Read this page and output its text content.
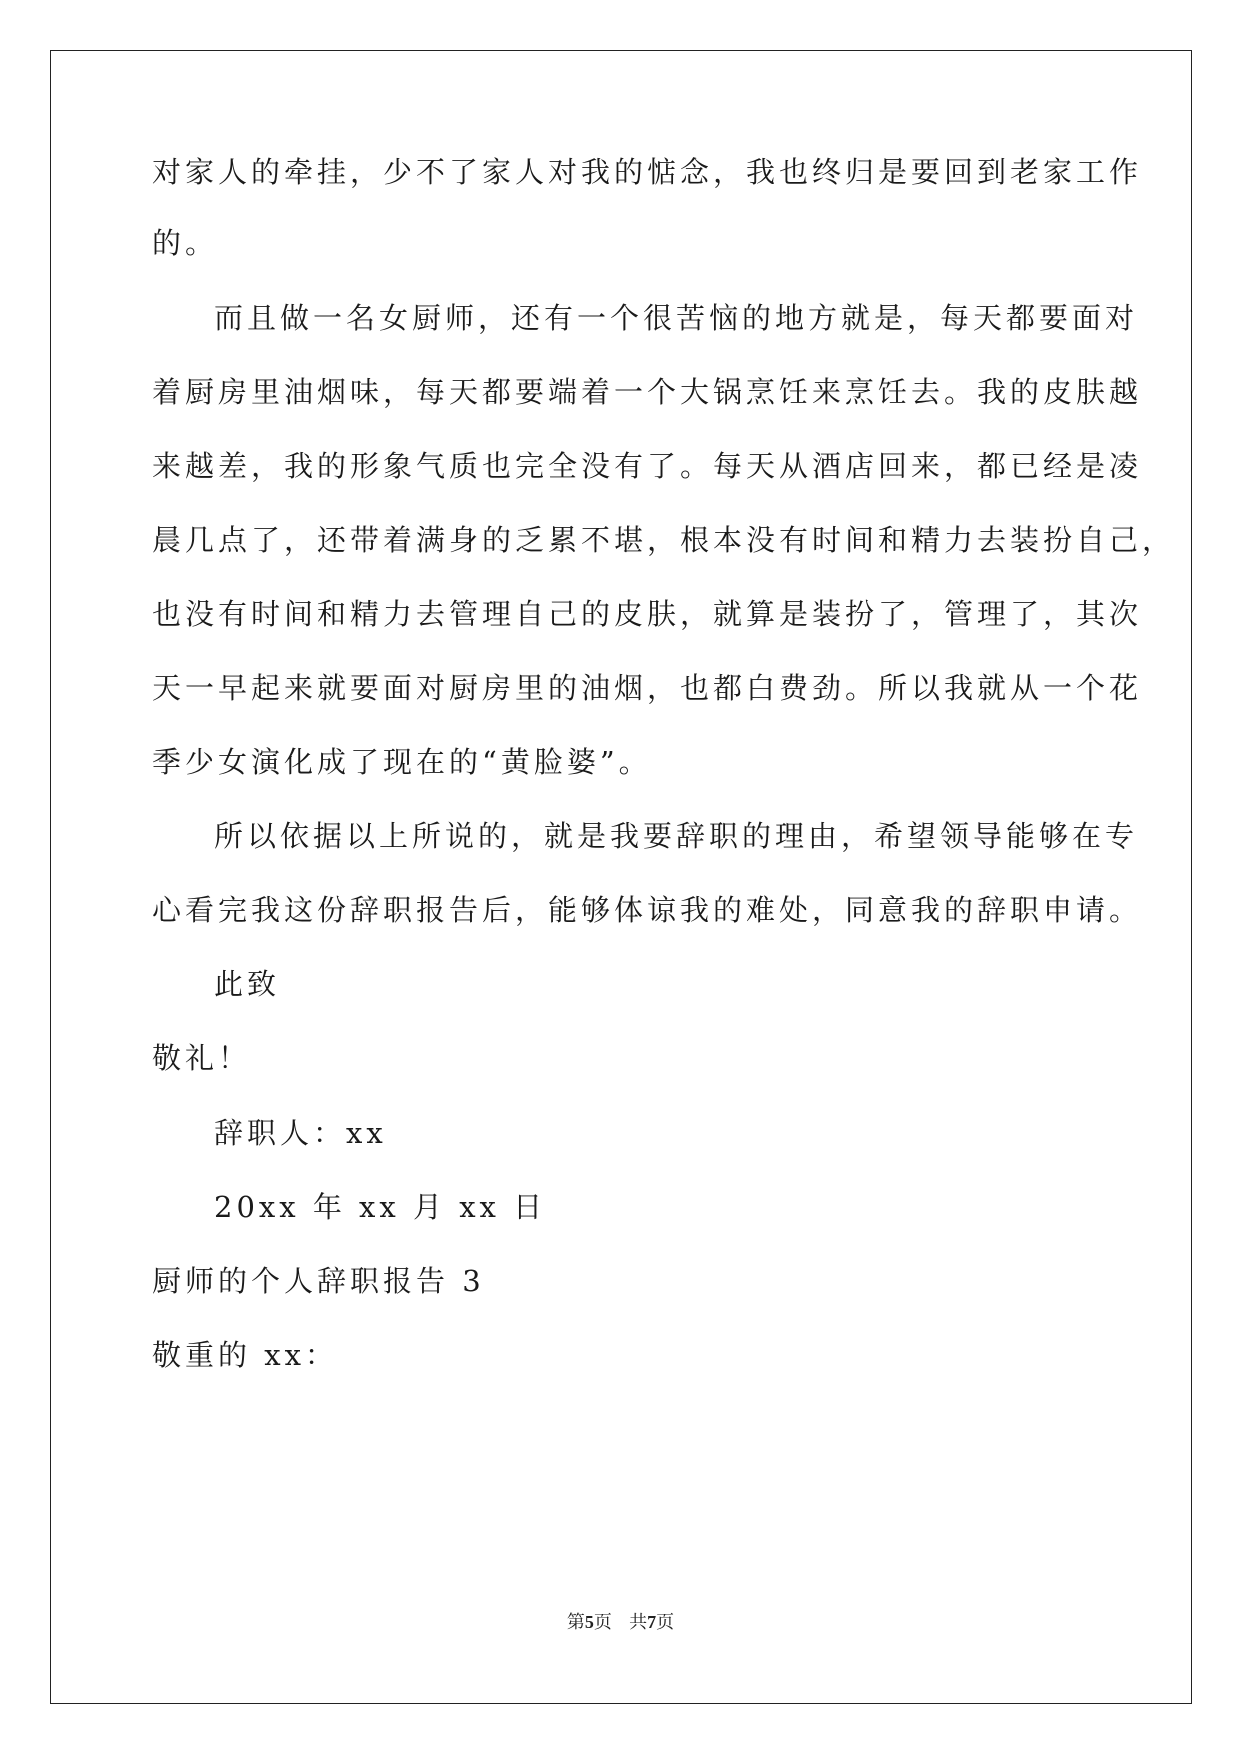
对家人的牵挂，少不了家人对我的惦念，我也终归是要回到老家工作
的。
而且做一名女厨师，还有一个很苦恼的地方就是，每天都要面对
着厨房里油烟味，每天都要端着一个大锅烹饪来烹饪去。我的皮肤越
来越差，我的形象气质也完全没有了。每天从酒店回来，都已经是凌
晨几点了，还带着满身的乏累不堪，根本没有时间和精力去装扮自己，
也没有时间和精力去管理自己的皮肤，就算是装扮了，管理了，其次
天一早起来就要面对厨房里的油烟，也都白费劲。所以我就从一个花
季少女演化成了现在的“黄脸婆”。
所以依据以上所说的，就是我要辞职的理由，希望领导能够在专
心看完我这份辞职报告后，能够体谅我的难处，同意我的辞职申请。
此致
敬礼！
辞职人：xx
20xx 年 xx 月 xx 日
厨师的个人辞职报告 3
敬重的 xx：
第5页 共7页
